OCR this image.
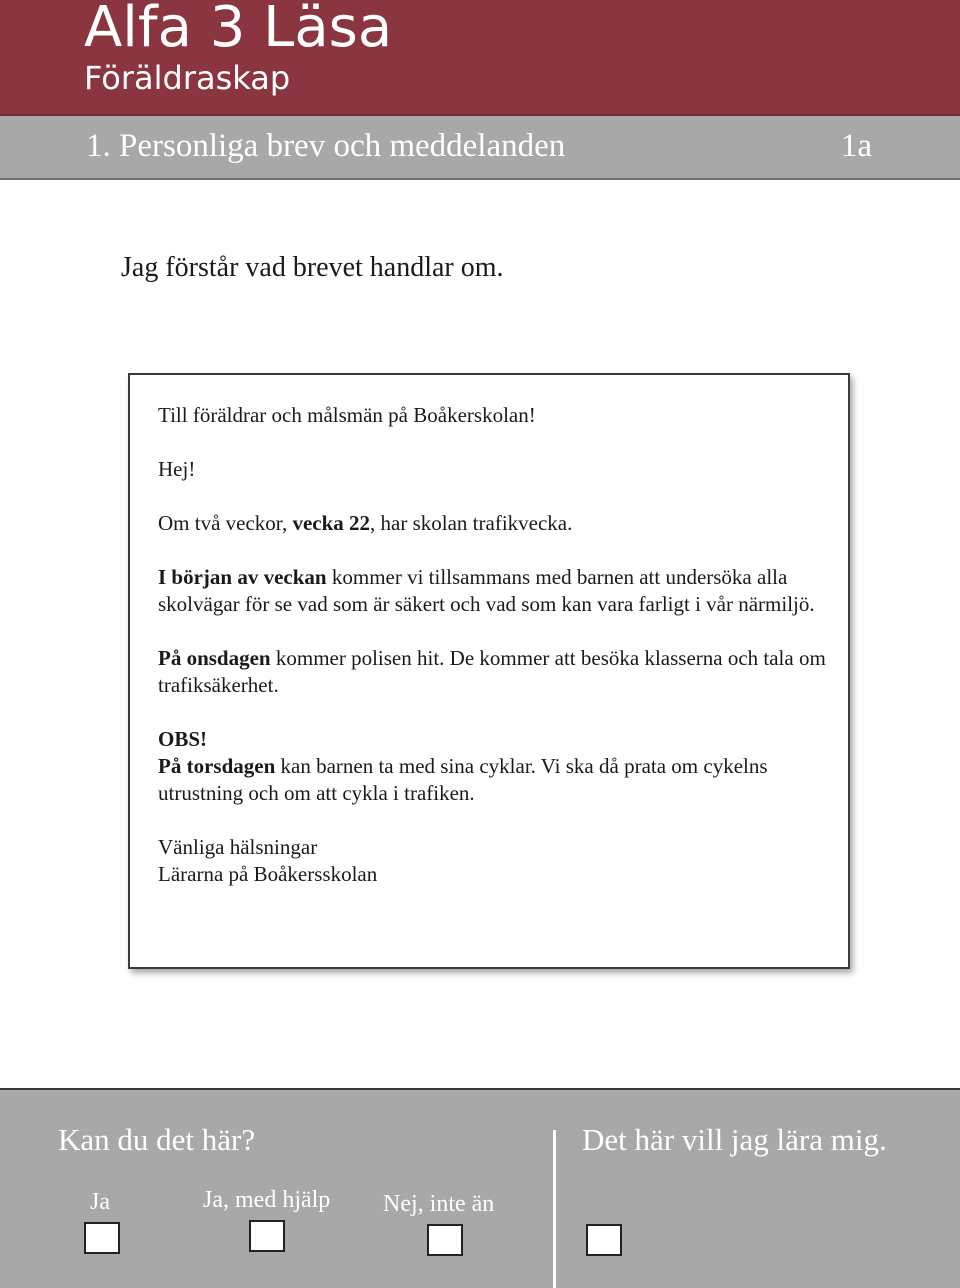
Alfa 3 Läsa
Föräldraskap
1. Personliga brev och meddelanden	1a
Jag förstår vad brevet handlar om.

Till föräldrar och målsmän på Boåkerskolan!

Hej!

Om två veckor, vecka 22, har skolan trafikvecka.

I början av veckan kommer vi tillsammans med barnen att undersöka alla skolvägar för se vad som är säkert och vad som kan vara farligt i vår närmiljö.

På onsdagen kommer polisen hit. De kommer att besöka klasserna och tala om trafiksäkerhet.

OBS!

På torsdagen kan barnen ta med sina cyklar. Vi ska då prata om cykelns utrustning och om att cykla i trafiken.

Vänliga hälsningar

Lärarna på Boåkersskolan

Kan du det här?	Det här vill jag lära mig.
Ja	Ja, med hjälp Nej, inte än
